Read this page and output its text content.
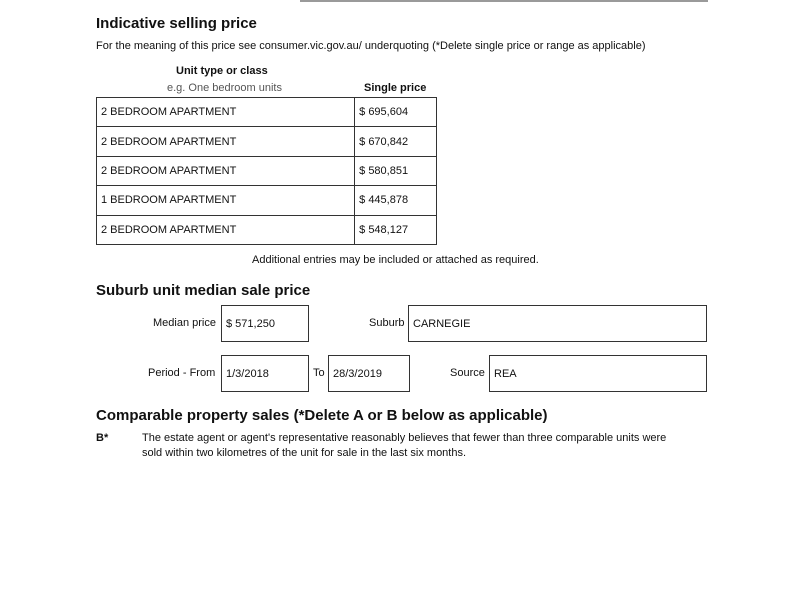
Indicative selling price
For the meaning of this price see consumer.vic.gov.au/ underquoting (*Delete single price or range as applicable)
Unit type or class
e.g. One bedroom units	Single price
2 BEDROOM APARTMENT	$ 695,604
2 BEDROOM APARTMENT	$ 670,842
2 BEDROOM APARTMENT	$ 580,851
1 BEDROOM APARTMENT	$ 445,878
2 BEDROOM APARTMENT	$ 548,127
Additional entries may be included or attached as required.
Suburb unit median sale price
Median price $ 571,250	Suburb CARNEGIE
Period - From 1/3/2018	To 28/3/2019	Source REA
Comparable property sales (*Delete A or B below as applicable)
B*	The estate agent or agent's representative reasonably believes that fewer than three comparable units were
sold within two kilometres of the unit for sale in the last six months.
